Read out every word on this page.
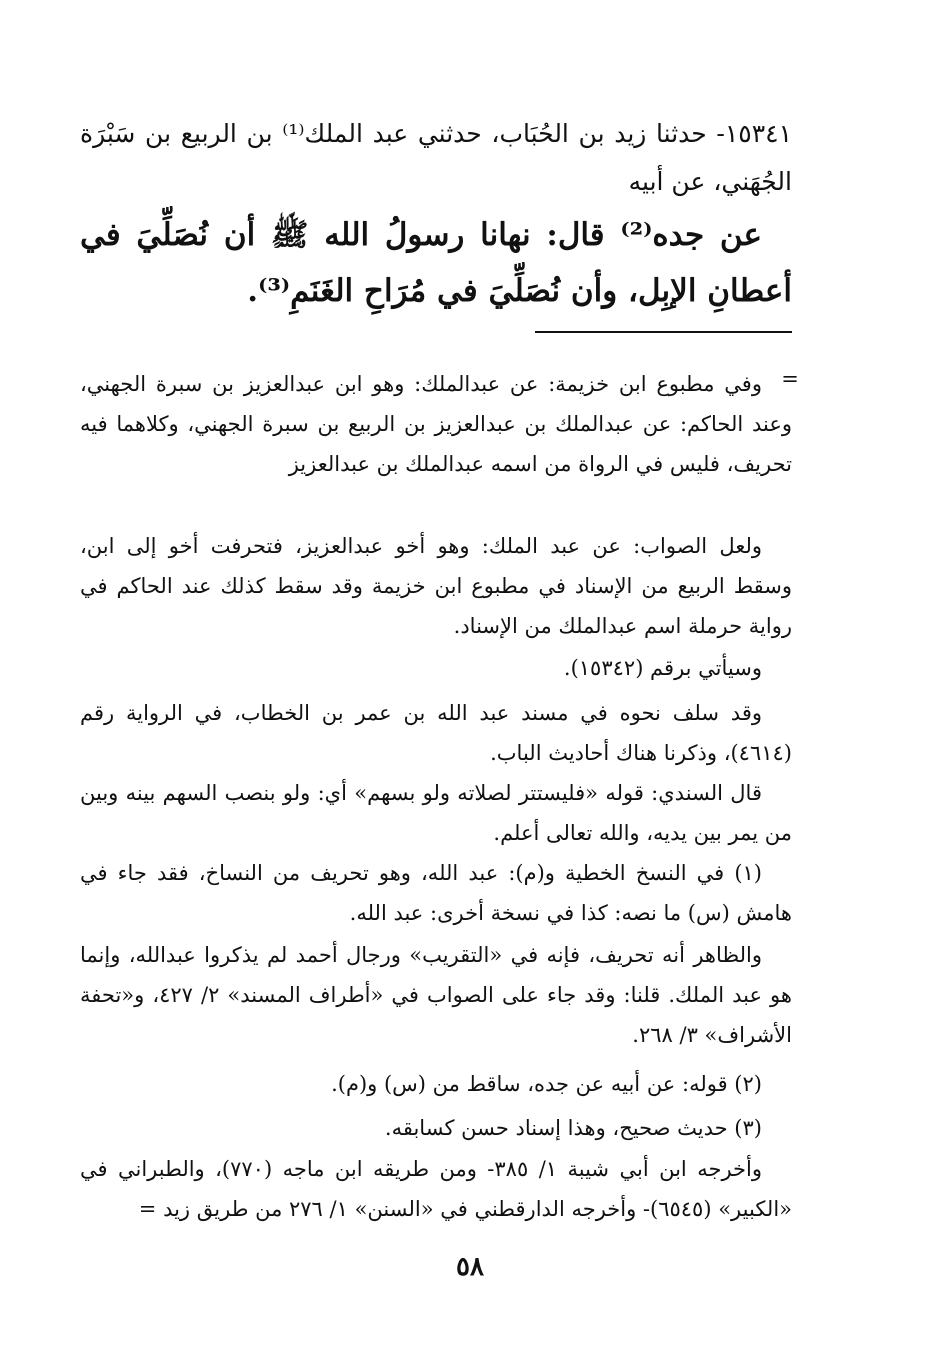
١٥٣٤١- حدثنا زيد بن الحُبَاب، حدثني عبد الملك⁽¹⁾ بن الربيع بن سَبْرَة الجُهَني، عن أبيه

عن جده⁽²⁾ قال: نهانا رسولُ الله ﷺ أن نُصَلِّيَ في أعطانِ الإبِل، وأن نُصَلِّيَ في مُرَاحِ الغَنَمِ⁽³⁾.

=

وفي مطبوع ابن خزيمة: عن عبدالملك: وهو ابن عبدالعزيز بن سبرة الجهني، وعند الحاكم: عن عبدالملك بن عبدالعزيز بن الربيع بن سبرة الجهني، وكلاهما فيه تحريف، فليس في الرواة من اسمه عبدالملك بن عبدالعزيز

ولعل الصواب: عن عبد الملك: وهو أخو عبدالعزيز، فتحرفت أخو إلى ابن، وسقط الربيع من الإسناد في مطبوع ابن خزيمة وقد سقط كذلك عند الحاكم في رواية حرملة اسم عبدالملك من الإسناد.

وسيأتي برقم (١٥٣٤٢).

وقد سلف نحوه في مسند عبد الله بن عمر بن الخطاب، في الرواية رقم (٤٦١٤)، وذكرنا هناك أحاديث الباب.

قال السندي: قوله «فليستتر لصلاته ولو بسهم» أي: ولو بنصب السهم بينه وبين من يمر بين يديه، والله تعالى أعلم.

(١) في النسخ الخطية و(م): عبد الله، وهو تحريف من النساخ، فقد جاء في هامش (س) ما نصه: كذا في نسخة أخرى: عبد الله.

والظاهر أنه تحريف، فإنه في «التقريب» ورجال أحمد لم يذكروا عبدالله، وإنما هو عبد الملك. قلنا: وقد جاء على الصواب في «أطراف المسند» ٢/ ٤٢٧، و«تحفة الأشراف» ٣/ ٢٦٨.

(٢) قوله: عن أبيه عن جده، ساقط من (س) و(م).

(٣) حديث صحيح، وهذا إسناد حسن كسابقه.

وأخرجه ابن أبي شيبة ١/ ٣٨٥- ومن طريقه ابن ماجه (٧٧٠)، والطبراني في «الكبير» (٦٥٤٥)- وأخرجه الدارقطني في «السنن» ١/ ٢٧٦ من طريق زيد =

٥٨
